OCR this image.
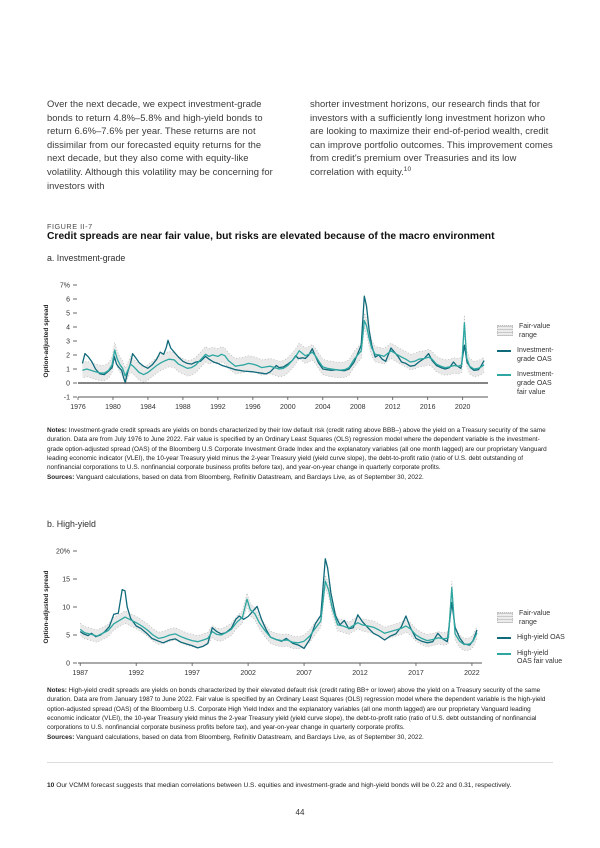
Over the next decade, we expect investment-grade bonds to return 4.8%–5.8% and high-yield bonds to return 6.6%–7.6% per year. These returns are not dissimilar from our forecasted equity returns for the next decade, but they also come with equity-like volatility. Although this volatility may be concerning for investors with

shorter investment horizons, our research finds that for investors with a sufficiently long investment horizon who are looking to maximize their end-of-period wealth, credit can improve portfolio outcomes. This improvement comes from credit's premium over Treasuries and its low correlation with equity.$^{10}$

FIGURE II-7
Credit spreads are near fair value, but risks are elevated because of the macro environment
a. Investment-grade
1976	1980	1984	1988	1992	1996	2000	2004	2008	2012	2016	2020
7%
6
5
4
3
2
1
0
-1
Option-adjusted spread	Fair-value
range
Investment-
grade OAS
Investment-
grade OAS
fair value
Notes: Investment-grade credit spreads are yields on bonds characterized by their low default risk (credit rating above BBB–) above the yield on a Treasury security of the same duration. Data are from July 1976 to June 2022. Fair value is specified by an Ordinary Least Squares (OLS) regression model where the dependent variable is the investment-grade option-adjusted spread (OAS) of the Bloomberg U.S Corporate Investment Grade Index and the explanatory variables (all one month lagged) are our proprietary Vanguard leading economic indicator (VLEI), the 10-year Treasury yield minus the 2-year Treasury yield (yield curve slope), the debt-to-profit ratio (ratio of U.S. debt outstanding of nonfinancial corporations to U.S. nonfinancial corporate business profits before tax), and year-on-year change in quarterly corporate profits.
Sources: Vanguard calculations, based on data from Bloomberg, Refinitiv Datastream, and Barclays Live, as of September 30, 2022.
b. High-yield
1987	1992	1997	2002	2007	2012	2017	2022
20%
15
10
5
0
Option-adjusted spread	Fair-value
range
High-yield OAS
High-yield
OAS fair value
Notes: High-yield credit spreads are yields on bonds characterized by their elevated default risk (credit rating BB+ or lower) above the yield on a Treasury security of the same duration. Data are from January 1987 to June 2022. Fair value is specified by an Ordinary Least Squares (OLS) regression model where the dependent variable is the high-yield option-adjusted spread (OAS) of the Bloomberg U.S. Corporate High Yield Index and the explanatory variables (all one month lagged) are our proprietary Vanguard leading economic indicator (VLEI), the 10-year Treasury yield minus the 2-year Treasury yield (yield curve slope), the debt-to-profit ratio (ratio of U.S. debt outstanding of nonfinancial corporations to U.S. nonfinancial corporate business profits before tax), and year-on-year change in quarterly corporate profits.
Sources: Vanguard calculations, based on data from Bloomberg, Refinitiv Datastream, and Barclays Live, as of September 30, 2022.
10 Our VCMM forecast suggests that median correlations between U.S. equities and investment-grade and high-yield bonds will be 0.22 and 0.31, respectively.
44
